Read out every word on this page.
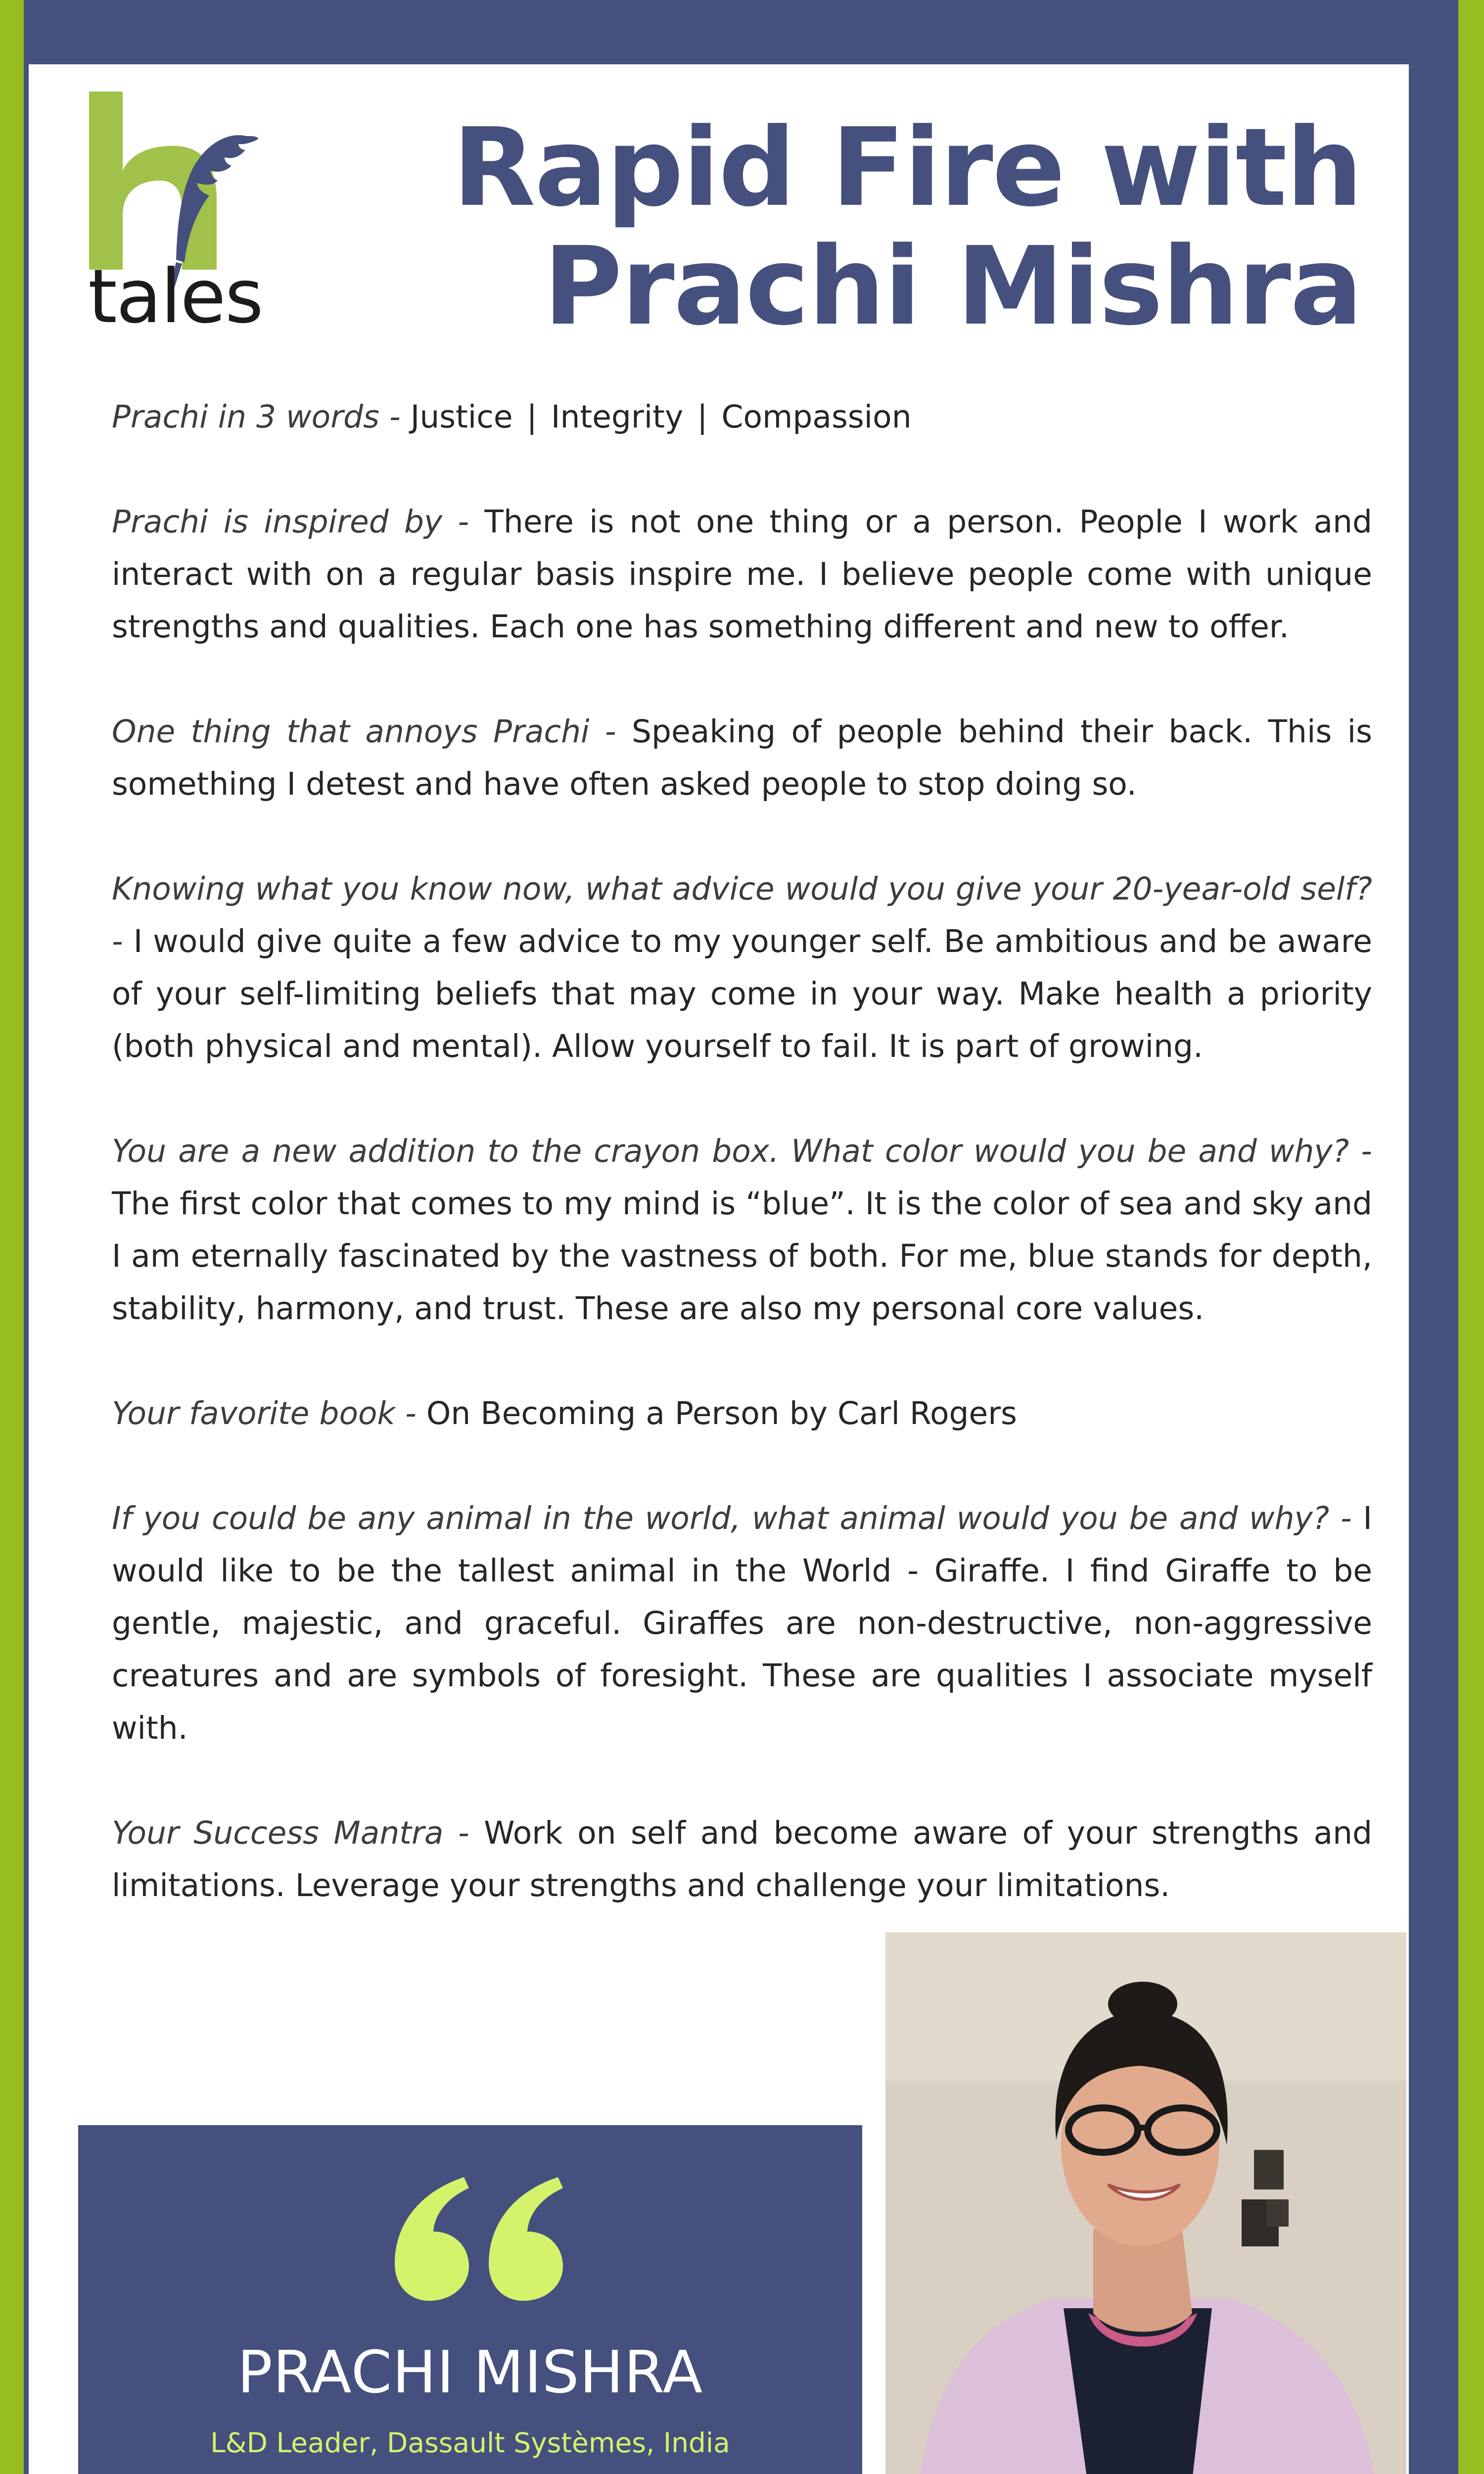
tales
Rapid Fire with
Prachi Mishra

Prachi in 3 words - Justice | Integrity | Compassion

Prachi is inspired by - There is not one thing or a person. People I work and interact with on a regular basis inspire me. I believe people come with unique strengths and qualities. Each one has something different and new to offer.

One thing that annoys Prachi - Speaking of people behind their back. This is something I detest and have often asked people to stop doing so.

Knowing what you know now, what advice would you give your 20-year-old self? - I would give quite a few advice to my younger self. Be ambitious and be aware of your self-limiting beliefs that may come in your way. Make health a priority (both physical and mental). Allow yourself to fail. It is part of growing.

You are a new addition to the crayon box. What color would you be and why? - The first color that comes to my mind is “blue”. It is the color of sea and sky and I am eternally fascinated by the vastness of both. For me, blue stands for depth, stability, harmony, and trust. These are also my personal core values.

Your favorite book - On Becoming a Person by Carl Rogers

If you could be any animal in the world, what animal would you be and why? - I would like to be the tallest animal in the World - Giraffe. I find Giraffe to be gentle, majestic, and graceful. Giraffes are non-destructive, non-aggressive creatures and are symbols of foresight. These are qualities I associate myself with.

Your Success Mantra - Work on self and become aware of your strengths and limitations. Leverage your strengths and challenge your limitations.

PRACHI MISHRA
L&D Leader, Dassault Systèmes, India
